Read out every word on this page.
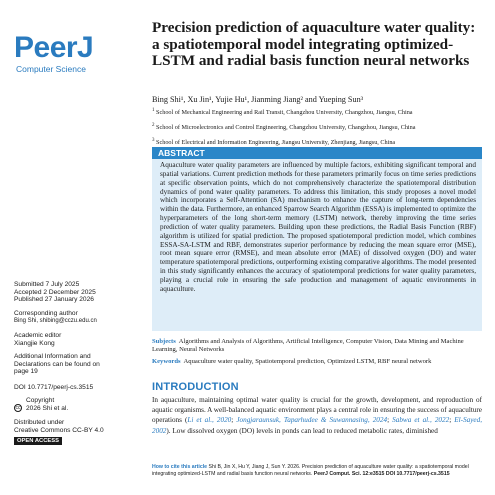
PeerJ
Computer Science
Precision prediction of aquaculture water quality: a spatiotemporal model integrating optimized-LSTM and radial basis function neural networks
Bing Shi¹, Xu Jin¹, Yujie Hu¹, Jianming Jiang² and Yueping Sun³
$^1$ School of Mechanical Engineering and Rail Transit, Changzhou University, Changzhou, Jiangsu, China
$^2$ School of Microelectronics and Control Engineering, Changzhou University, Changzhou, Jiangsu, China
$^3$ School of Electrical and Information Engineering, Jiangsu University, Zhenjiang, Jiangsu, China
ABSTRACT
Aquaculture water quality parameters are influenced by multiple factors, exhibiting significant temporal and spatial variations. Current prediction methods for these parameters primarily focus on time series predictions at specific observation points, which do not comprehensively characterize the spatiotemporal distribution dynamics of pond water quality parameters. To address this limitation, this study proposes a novel model which incorporates a Self-Attention (SA) mechanism to enhance the capture of long-term dependencies within the data. Furthermore, an enhanced Sparrow Search Algorithm (ESSA) is implemented to optimize the hyperparameters of the long short-term memory (LSTM) network, thereby improving the time series prediction of water quality parameters. Building upon these predictions, the Radial Basis Function (RBF) algorithm is utilized for spatial prediction. The proposed spatiotemporal prediction model, which combines ESSA-SA-LSTM and RBF, demonstrates superior performance by reducing the mean square error (MSE), root mean square error (RMSE), and mean absolute error (MAE) of dissolved oxygen (DO) and water temperature spatiotemporal predictions, outperforming existing comparative algorithms. The model presented in this study significantly enhances the accuracy of spatiotemporal predictions for water quality parameters, playing a crucial role in ensuring the safe production and management of aquatic environments in aquaculture.
Subjects Algorithms and Analysis of Algorithms, Artificial Intelligence, Computer Vision, Data Mining and Machine Learning, Neural Networks
Keywords Aquaculture water quality, Spatiotemporal prediction, Optimized LSTM, RBF neural network
INTRODUCTION
In aquaculture, maintaining optimal water quality is crucial for the growth, development, and reproduction of aquatic organisms. A well-balanced aquatic environment plays a central role in ensuring the success of aquaculture operations (Li et al., 2020; Jongjaraunsuk, Taparhudee & Suwannasing, 2024; Sabwa et al., 2022; El-Sayed, 2002). Low dissolved oxygen (DO) levels in ponds can lead to reduced metabolic rates, diminished
Submitted 7 July 2025
Accepted 2 December 2025
Published 27 January 2026
Corresponding author
Bing Shi, shibing@cczu.edu.cn
Academic editor
Xiangjie Kong
Additional Information and
Declarations can be found on
page 19
DOI 10.7717/peerj-cs.3515
cc
Copyright
2026 Shi et al.
Distributed under
Creative Commons CC-BY 4.0
OPEN ACCESS
How to cite this article Shi B, Jin X, Hu Y, Jiang J, Sun Y. 2026. Precision prediction of aquaculture water quality: a spatiotemporal model
integrating optimized-LSTM and radial basis function neural networks. PeerJ Comput. Sci. 12:e3515 DOI 10.7717/peerj-cs.3515
